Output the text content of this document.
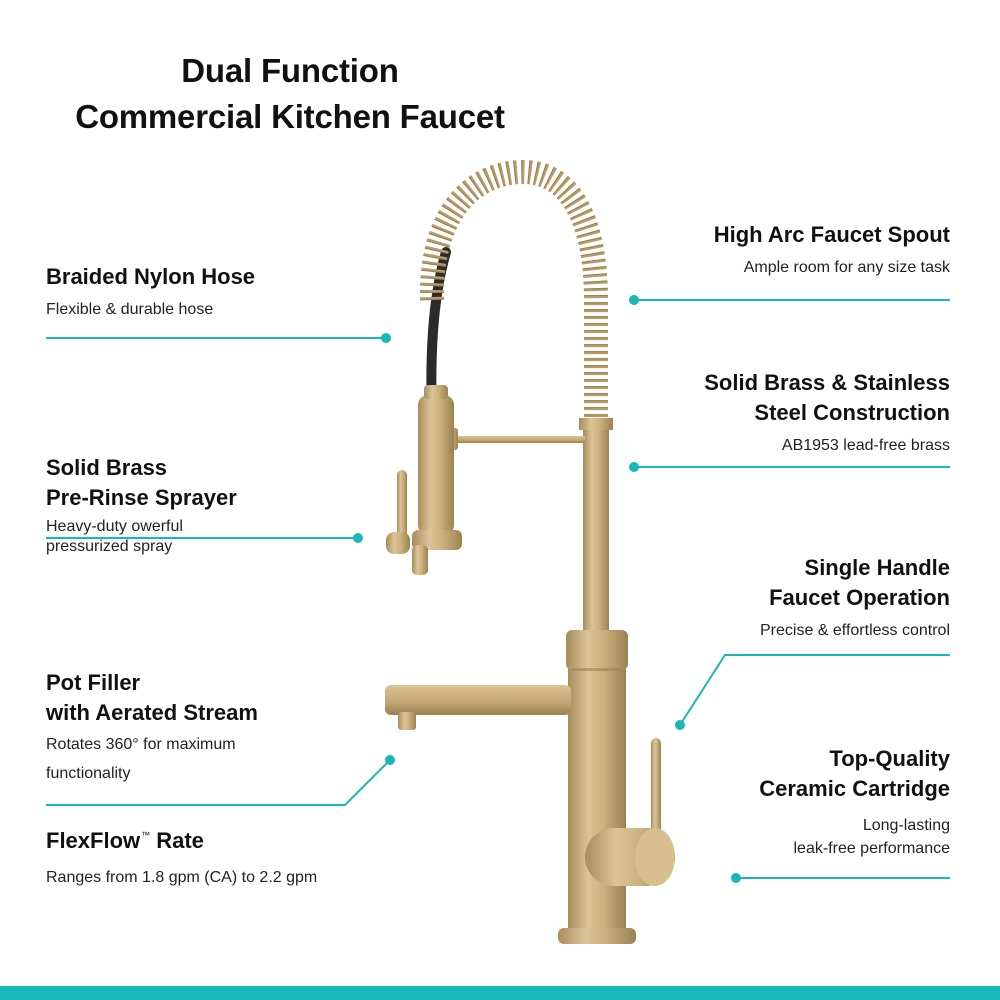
Dual Function
Commercial Kitchen Faucet
Braided Nylon Hose
Flexible & durable hose
Solid Brass
Pre-Rinse Sprayer
Heavy-duty owerful
pressurized spray
Pot Filler
with Aerated Stream
Rotates 360° for maximum
functionality
FlexFlow™ Rate
Ranges from 1.8 gpm (CA) to 2.2 gpm
High Arc Faucet Spout
Ample room for any size task
Solid Brass & Stainless
Steel Construction
AB1953 lead-free brass
Single Handle
Faucet Operation
Precise & effortless control
Top-Quality
Ceramic Cartridge
Long-lasting
leak-free performance
